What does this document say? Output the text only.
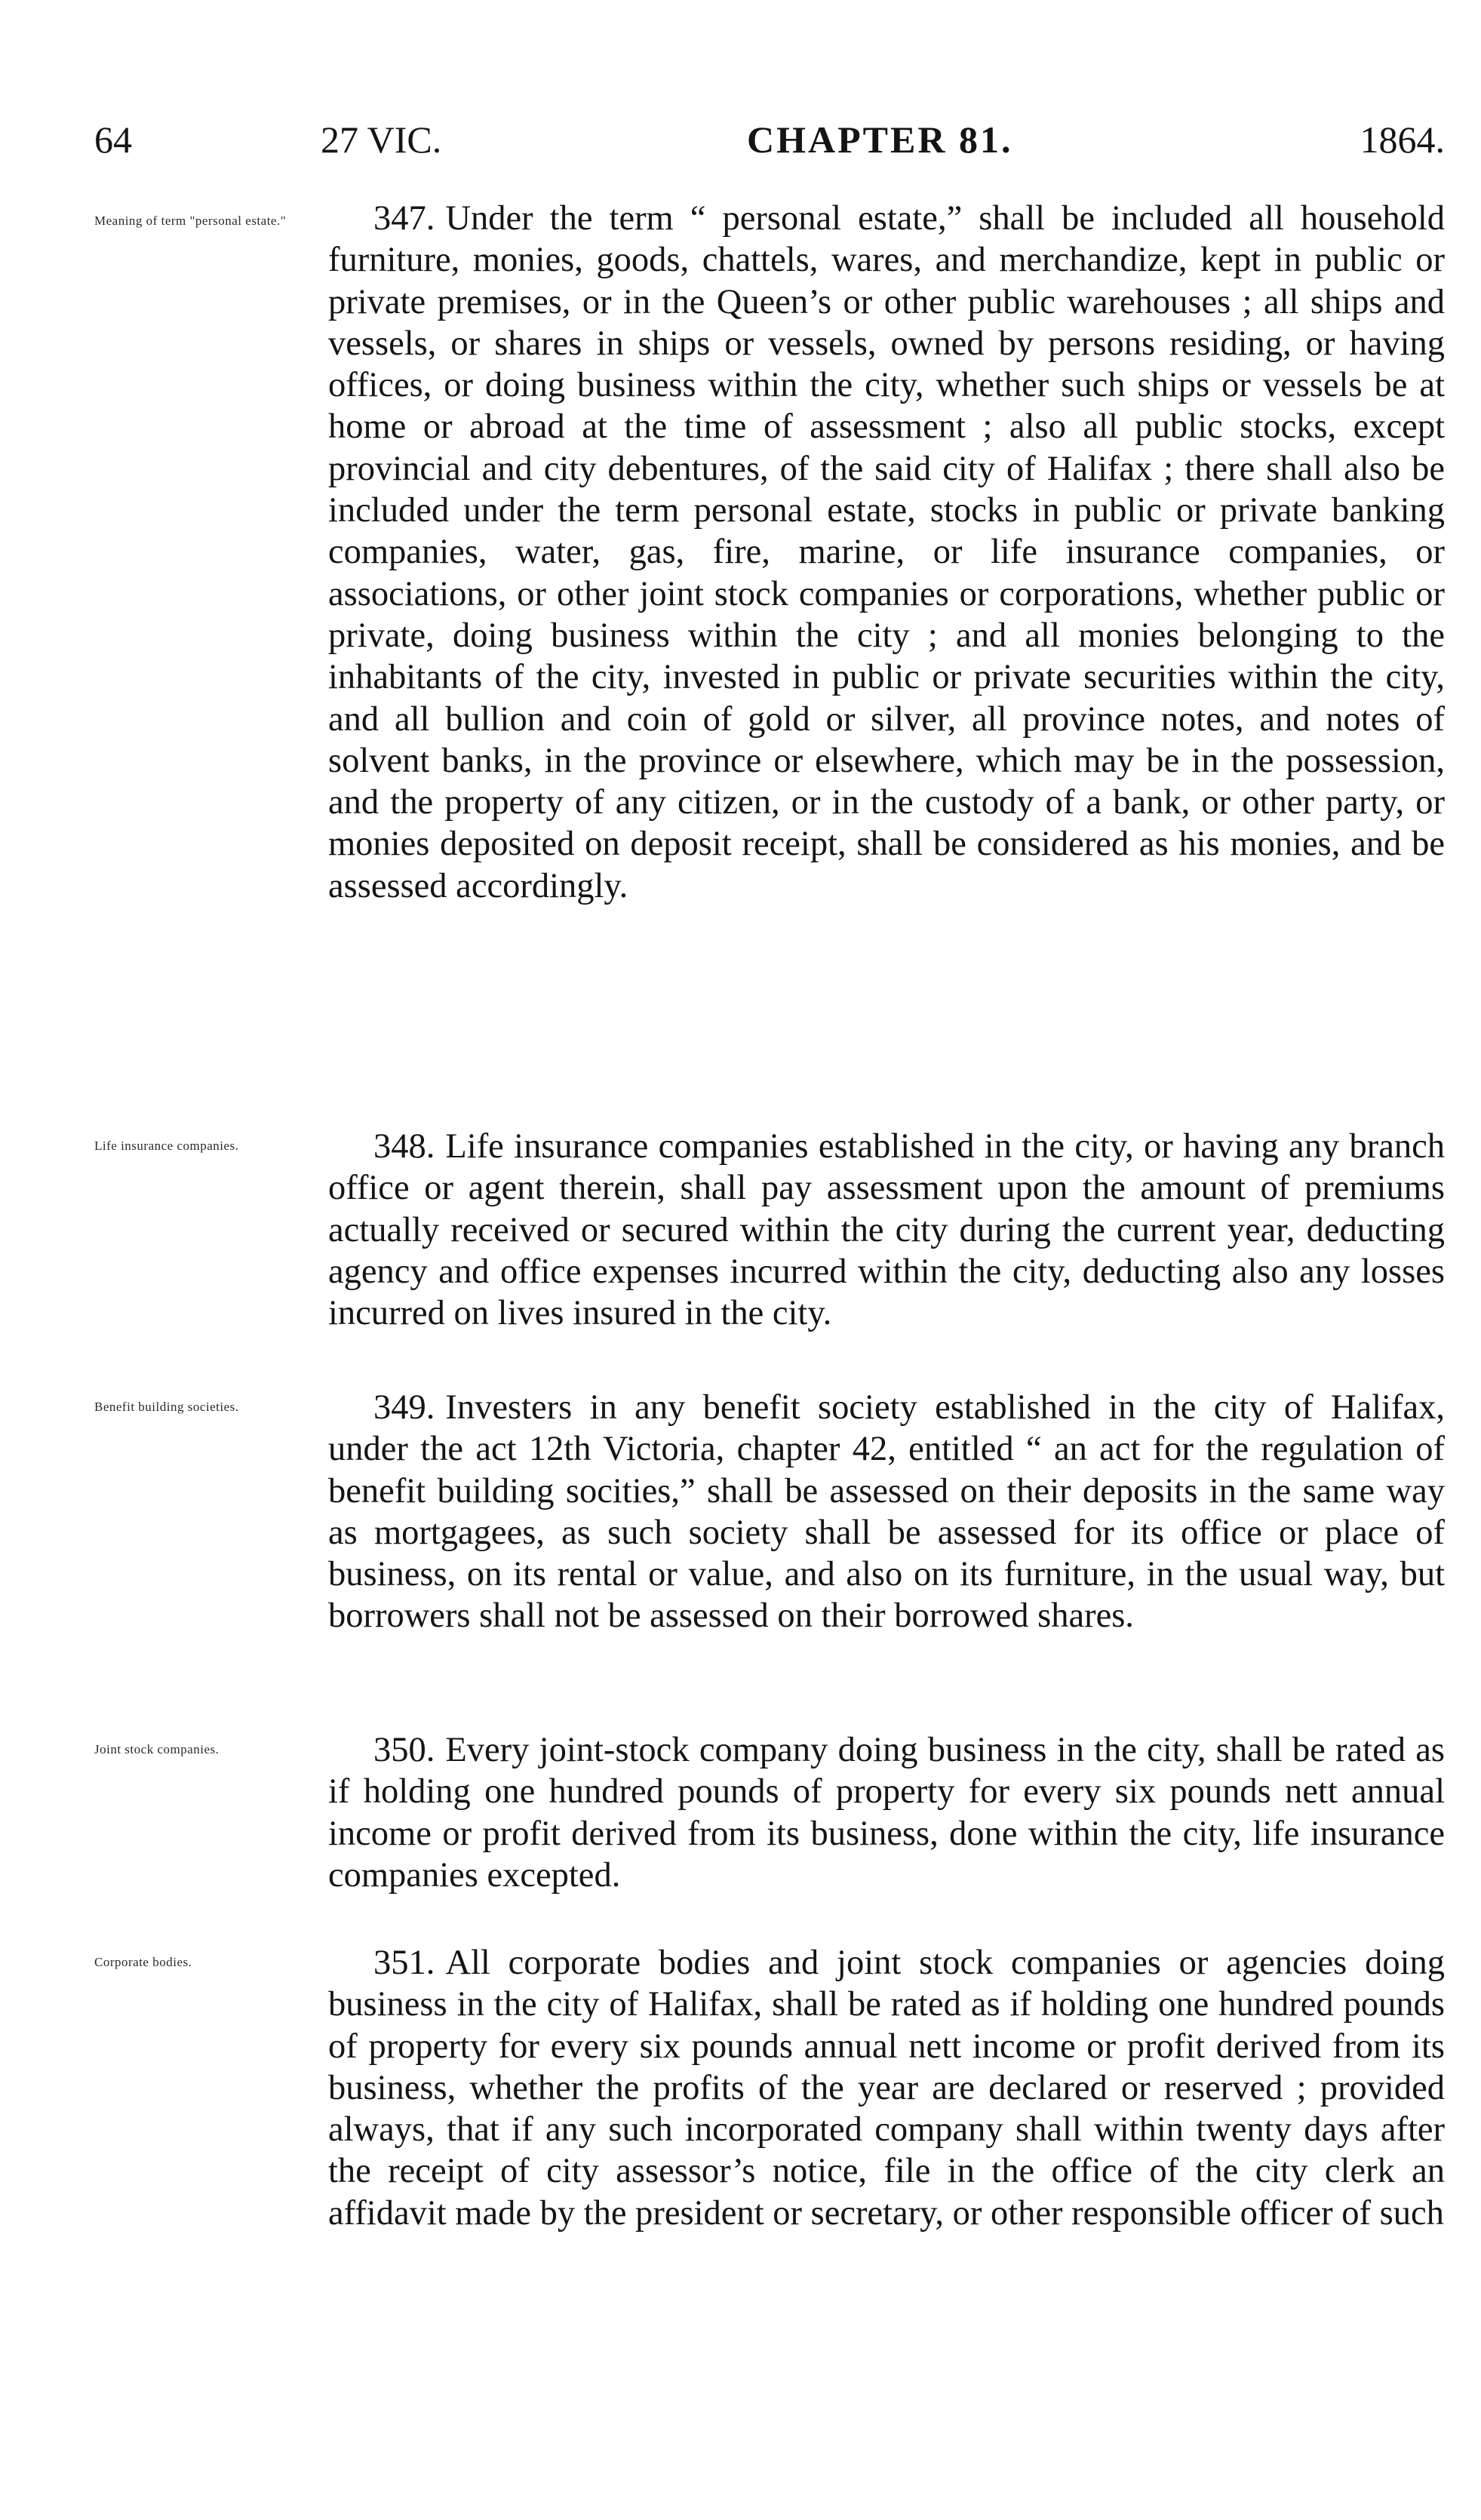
64	27 VIC.	CHAPTER 81.	1864.
Meaning of term "personal estate."	347. Under the term “ personal estate,” shall be included all household furniture, monies, goods, chattels, wares, and merchandize, kept in public or private premises, or in the Queen’s or other public warehouses ; all ships and vessels, or shares in ships or vessels, owned by persons residing, or having offices, or doing business within the city, whether such ships or vessels be at home or abroad at the time of assessment ; also all public stocks, except provincial and city debentures, of the said city of Halifax ; there shall also be included under the term personal estate, stocks in public or private banking companies, water, gas, fire, marine, or life insurance companies, or associations, or other joint stock companies or corporations, whether public or private, doing business within the city ; and all monies belonging to the inhabitants of the city, invested in public or private securities within the city, and all bullion and coin of gold or silver, all province notes, and notes of solvent banks, in the province or elsewhere, which may be in the possession, and the property of any citizen, or in the custody of a bank, or other party, or monies deposited on deposit receipt, shall be considered as his monies, and be assessed accordingly.

Life insurance companies.	348. Life insurance companies established in the city, or having any branch office or agent therein, shall pay assessment upon the amount of premiums actually received or secured within the city during the current year, deducting agency and office expenses incurred within the city, deducting also any losses incurred on lives insured in the city.

Benefit building societies.	349. Investers in any benefit society established in the city of Halifax, under the act 12th Victoria, chapter 42, entitled “ an act for the regulation of benefit building socities,” shall be assessed on their deposits in the same way as mortgagees, as such society shall be assessed for its office or place of business, on its rental or value, and also on its furniture, in the usual way, but borrowers shall not be assessed on their borrowed shares.

Joint stock companies.	350. Every joint-stock company doing business in the city, shall be rated as if holding one hundred pounds of property for every six pounds nett annual income or profit derived from its business, done within the city, life insurance companies excepted.

Corporate bodies.	351. All corporate bodies and joint stock companies or agencies doing business in the city of Halifax, shall be rated as if holding one hundred pounds of property for every six pounds annual nett income or profit derived from its business, whether the profits of the year are declared or reserved ; provided always, that if any such incorporated company shall within twenty days after the receipt of city assessor’s notice, file in the office of the city clerk an affidavit made by the president or secretary, or other responsible officer of such
